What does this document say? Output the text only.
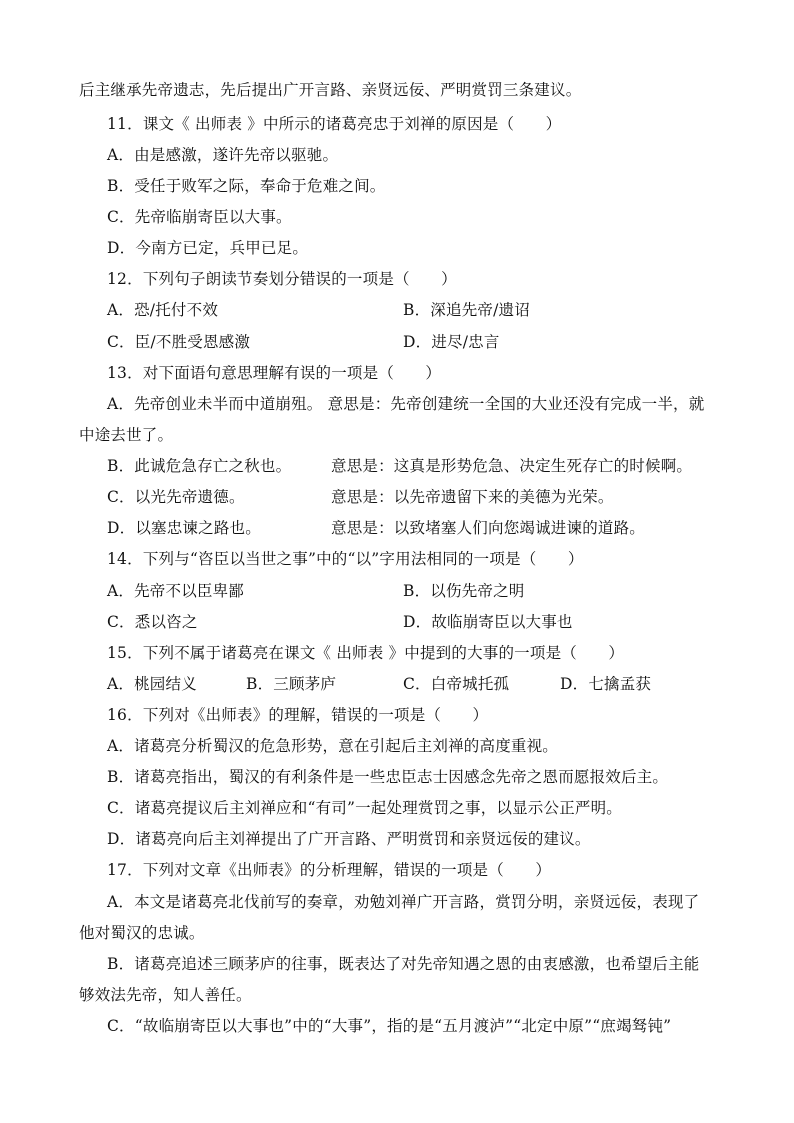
后主继承先帝遗志，先后提出广开言路、亲贤远佞、严明赏罚三条建议。
11．课文《 出师表 》中所示的诸葛亮忠于刘禅的原因是（　　）
A．由是感激，遂许先帝以驱驰。
B．受任于败军之际，奉命于危难之间。
C．先帝临崩寄臣以大事。
D．今南方已定，兵甲已足。
12．下列句子朗读节奏划分错误的一项是（　　）
A．恐/托付不效	B．深追先帝/遗诏
C．臣/不胜受恩感激	D．进尽/忠言
13．对下面语句意思理解有误的一项是（　　）
A．先帝创业未半而中道崩殂。 意思是：先帝创建统一全国的大业还没有完成一半，就
中途去世了。
B．此诚危急存亡之秋也。	意思是：这真是形势危急、决定生死存亡的时候啊。
C．以光先帝遗德。	意思是：以先帝遗留下来的美德为光荣。
D．以塞忠谏之路也。	意思是：以致堵塞人们向您竭诚进谏的道路。
14．下列与“咨臣以当世之事”中的“以”字用法相同的一项是（　　）
A．先帝不以臣卑鄙	B．以伤先帝之明
C．悉以咨之	D．故临崩寄臣以大事也
15．下列不属于诸葛亮在课文《 出师表 》中提到的大事的一项是（　　）
A．桃园结义	B．三顾茅庐	C．白帝城托孤	D．七擒孟获
16．下列对《出师表》的理解，错误的一项是（　　）
A．诸葛亮分析蜀汉的危急形势，意在引起后主刘禅的高度重视。
B．诸葛亮指出，蜀汉的有利条件是一些忠臣志士因感念先帝之恩而愿报效后主。
C．诸葛亮提议后主刘禅应和“有司”一起处理赏罚之事，以显示公正严明。
D．诸葛亮向后主刘禅提出了广开言路、严明赏罚和亲贤远佞的建议。
17．下列对文章《出师表》的分析理解，错误的一项是（　　）
A．本文是诸葛亮北伐前写的奏章，劝勉刘禅广开言路，赏罚分明，亲贤远佞，表现了
他对蜀汉的忠诚。
B．诸葛亮追述三顾茅庐的往事，既表达了对先帝知遇之恩的由衷感激，也希望后主能
够效法先帝，知人善任。
C．“故临崩寄臣以大事也”中的“大事”，指的是“五月渡泸”“北定中原”“庶竭驽钝”
